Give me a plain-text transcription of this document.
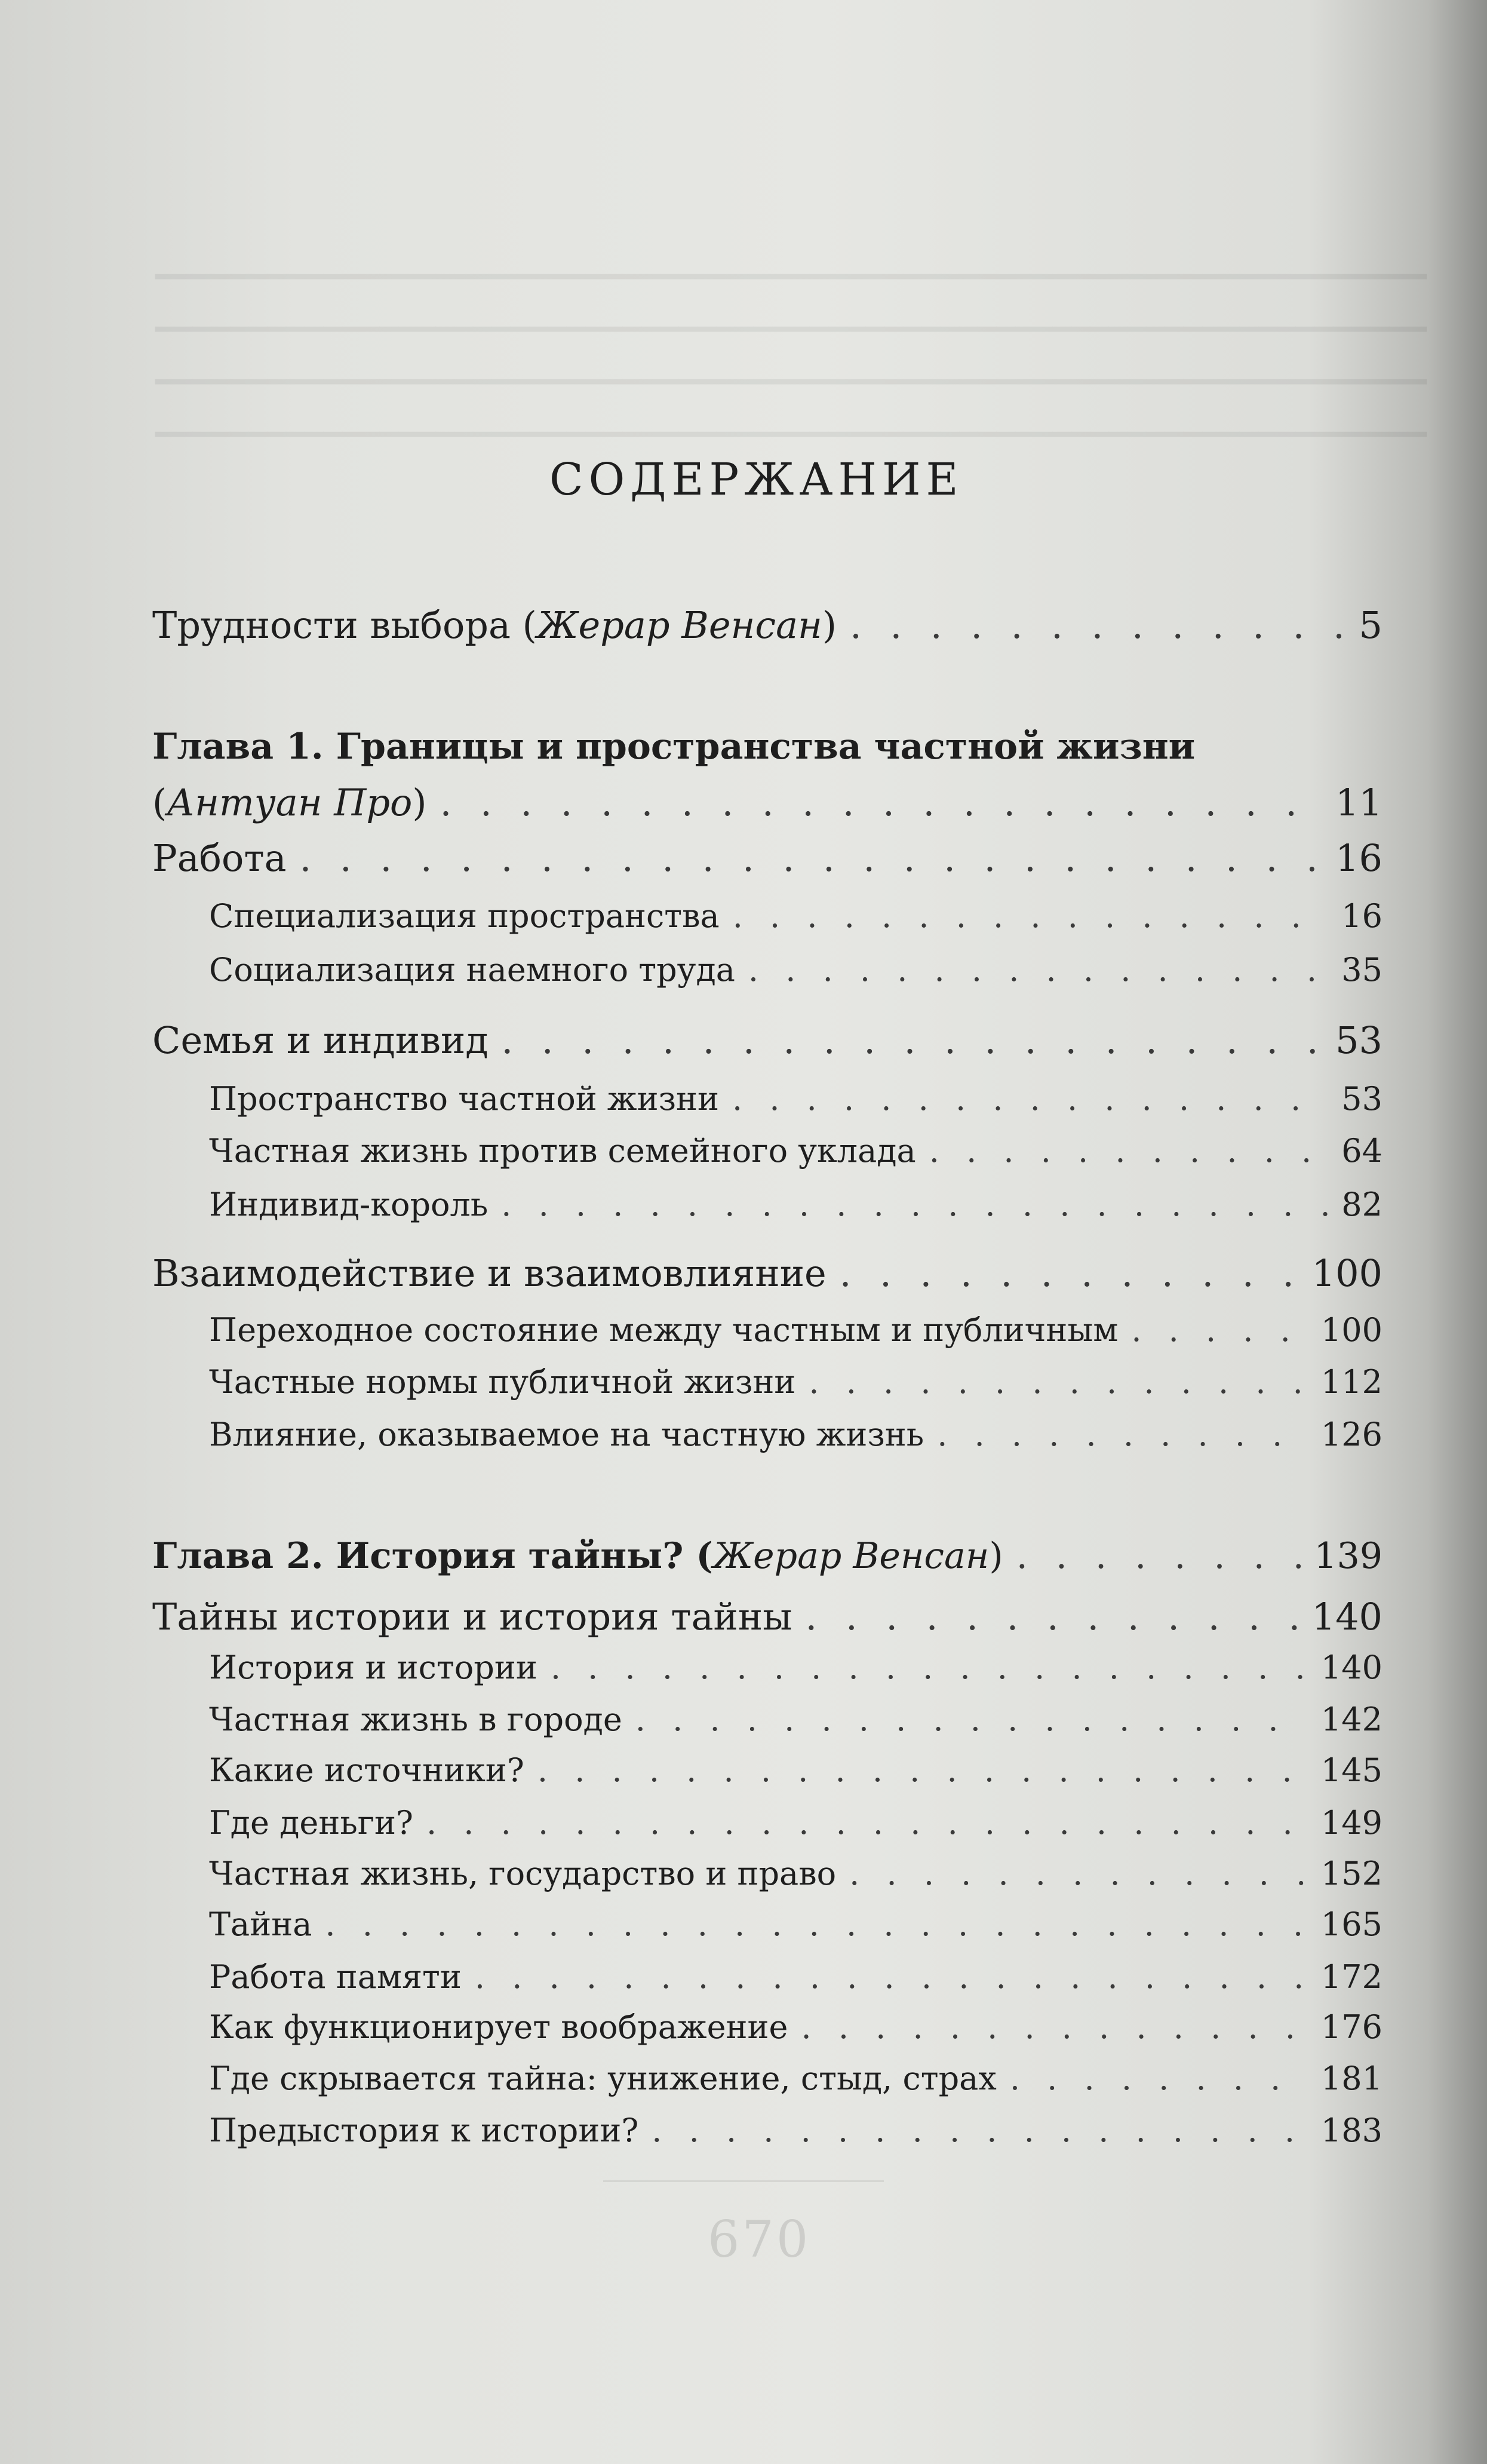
━━━━━━━━━━━━━━━━━━━━━━━━━━━━━━━━━━━━━━━━━━━━━━━━━━━━━━━━━━━━━━━━━━━━
━━━━━━━━━━━━━━━━━━━━━━━━━━━━━━━━━━━━━━━━━━━━━━━━━━━━━━━━━━━━━━━━━━━━
━━━━━━━━━━━━━━━━━━━━━━━━━━━━━━━━━━━━━━━━━━━━━━━━━━━━━━━━━━━━━━━━━━━━
━━━━━━━━━━━━━━━━━━━━━━━━━━━━━━━━━━━━━━━━━━━━━━━━━━━━━━━━━━━━━━━━━━━━
СОДЕРЖАНИЕ
Трудности выбора (Жерар Венсан) . . .	5
Глава 1. Границы и пространства частной жизни
(Антуан Про) . . .	11
Работа . . .	16
Специализация пространства . . .	16
Социализация наемного труда . . .	35
Семья и индивид . . .	53
Пространство частной жизни . . .	53
Частная жизнь против семейного уклада . . .	64
Индивид-король . . .	82
Взаимодействие и взаимовлияние . . .	100
Переходное состояние между частным и публичным . . .	100
Частные нормы публичной жизни . . .	112
Влияние, оказываемое на частную жизнь . . .	126
Глава 2. История тайны? (Жерар Венсан) . . .	139
Тайны истории и история тайны . . .	140
История и истории . . .	140
Частная жизнь в городе . . .	142
Какие источники? . . .	145
Где деньги? . . .	149
Частная жизнь, государство и право . . .	152
Тайна . . .	165
Работа памяти . . .	172
Как функционирует воображение . . .	176
Где скрывается тайна: унижение, стыд, страх . . .	181
Предыстория к истории? . . .	183
670
